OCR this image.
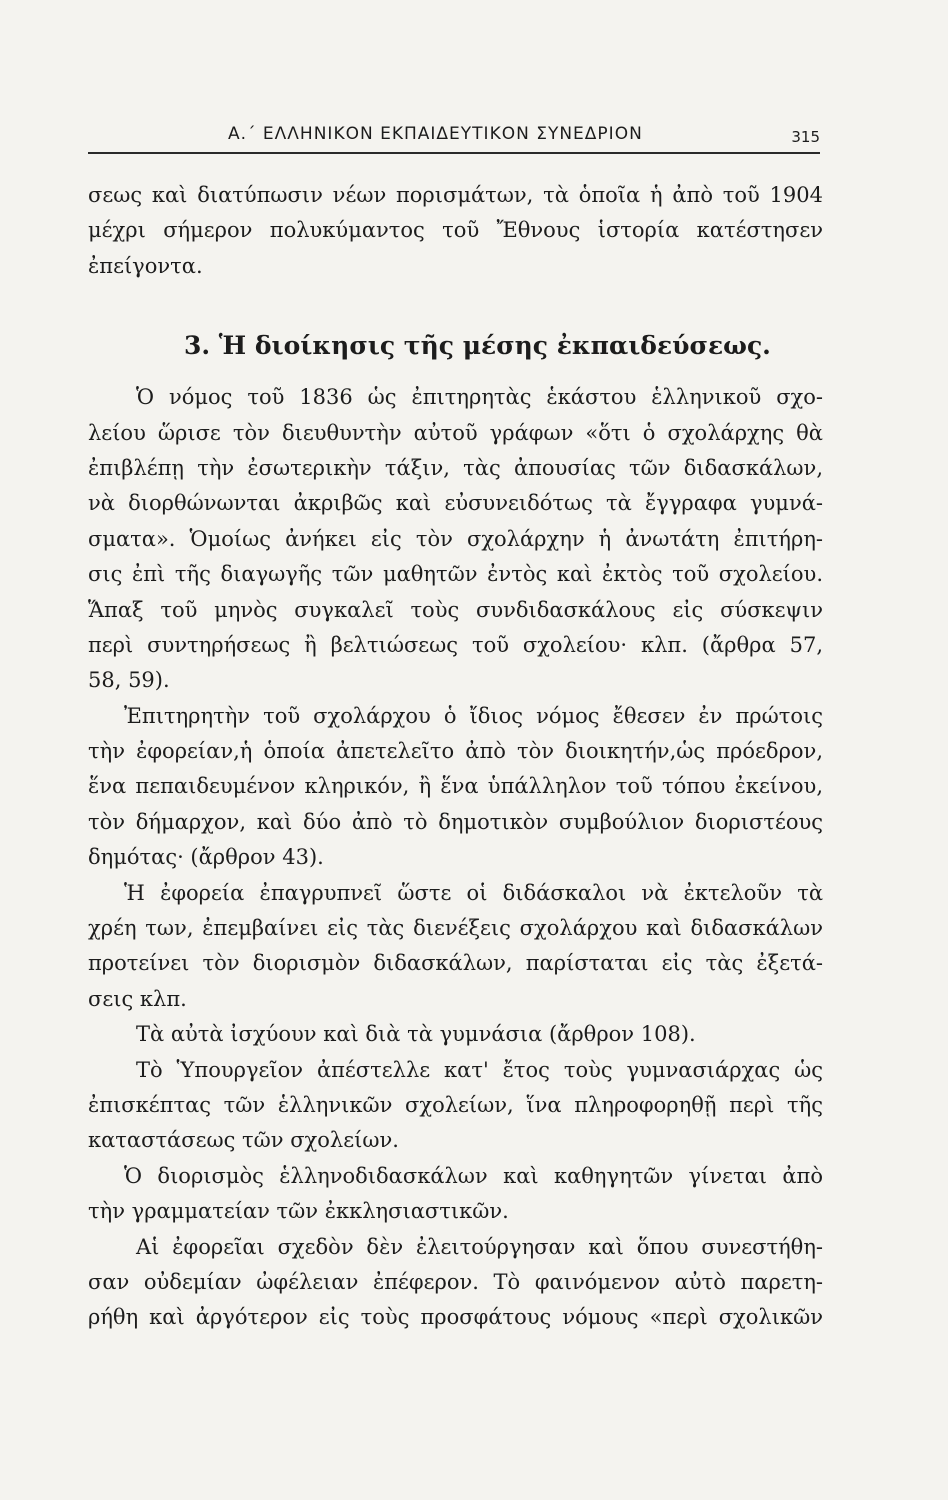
Α.΄ ΕΛΛΗΝΙΚΟΝ ΕΚΠΑΙΔΕΥΤΙΚΟΝ ΣΥΝΕΔΡΙΟΝ	315
σεως καὶ διατύπωσιν νέων πορισμάτων, τὰ ὁποῖα ἡ ἀπὸ τοῦ 1904
μέχρι σήμερον πολυκύμαντος τοῦ Ἔθνους ἱστορία κατέστησεν
ἐπείγοντα.
3. Ἡ διοίκησις τῆς μέσης ἐκπαιδεύσεως.
Ὁ νόμος τοῦ 1836 ὡς ἐπιτηρητὰς ἑκάστου ἑλληνικοῦ σχο-
λείου ὥρισε τὸν διευθυντὴν αὐτοῦ γράφων «ὅτι ὁ σχολάρχης θὰ
ἐπιβλέπῃ τὴν ἐσωτερικὴν τάξιν, τὰς ἀπουσίας τῶν διδασκάλων,
νὰ διορθώνωνται ἀκριβῶς καὶ εὐσυνειδότως τὰ ἔγγραφα γυμνά-
σματα». Ὁμοίως ἀνήκει εἰς τὸν σχολάρχην ἡ ἀνωτάτη ἐπιτήρη-
σις ἐπὶ τῆς διαγωγῆς τῶν μαθητῶν ἐντὸς καὶ ἐκτὸς τοῦ σχολείου.
Ἅπαξ τοῦ μηνὸς συγκαλεῖ τοὺς συνδιδασκάλους εἰς σύσκεψιν
περὶ συντηρήσεως ἢ βελτιώσεως τοῦ σχολείου· κλπ. (ἄρθρα 57,
58, 59).
Ἐπιτηρητὴν τοῦ σχολάρχου ὁ ἴδιος νόμος ἔθεσεν ἐν πρώτοις
τὴν ἐφορείαν,ἡ ὁποία ἀπετελεῖτο ἀπὸ τὸν διοικητήν,ὡς πρόεδρον,
ἕνα πεπαιδευμένον κληρικόν, ἢ ἕνα ὑπάλληλον τοῦ τόπου ἐκείνου,
τὸν δήμαρχον, καὶ δύο ἀπὸ τὸ δημοτικὸν συμβούλιον διοριστέους
δημότας· (ἄρθρον 43).
Ἡ ἐφορεία ἐπαγρυπνεῖ ὥστε οἱ διδάσκαλοι νὰ ἐκτελοῦν τὰ
χρέη των, ἐπεμβαίνει εἰς τὰς διενέξεις σχολάρχου καὶ διδασκάλων
προτείνει τὸν διορισμὸν διδασκάλων, παρίσταται εἰς τὰς ἐξετά-
σεις κλπ.
Τὰ αὐτὰ ἰσχύουν καὶ διὰ τὰ γυμνάσια (ἄρθρον 108).
Τὸ Ὑπουργεῖον ἀπέστελλε κατ' ἔτος τοὺς γυμνασιάρχας ὡς
ἐπισκέπτας τῶν ἑλληνικῶν σχολείων, ἵνα πληροφορηθῇ περὶ τῆς
καταστάσεως τῶν σχολείων.
Ὁ διορισμὸς ἑλληνοδιδασκάλων καὶ καθηγητῶν γίνεται ἀπὸ
τὴν γραμματείαν τῶν ἐκκλησιαστικῶν.
Αἱ ἐφορεῖαι σχεδὸν δὲν ἐλειτούργησαν καὶ ὅπου συνεστήθη-
σαν οὐδεμίαν ὠφέλειαν ἐπέφερον. Τὸ φαινόμενον αὐτὸ παρετη-
ρήθη καὶ ἀργότερον εἰς τοὺς προσφάτους νόμους «περὶ σχολικῶν
